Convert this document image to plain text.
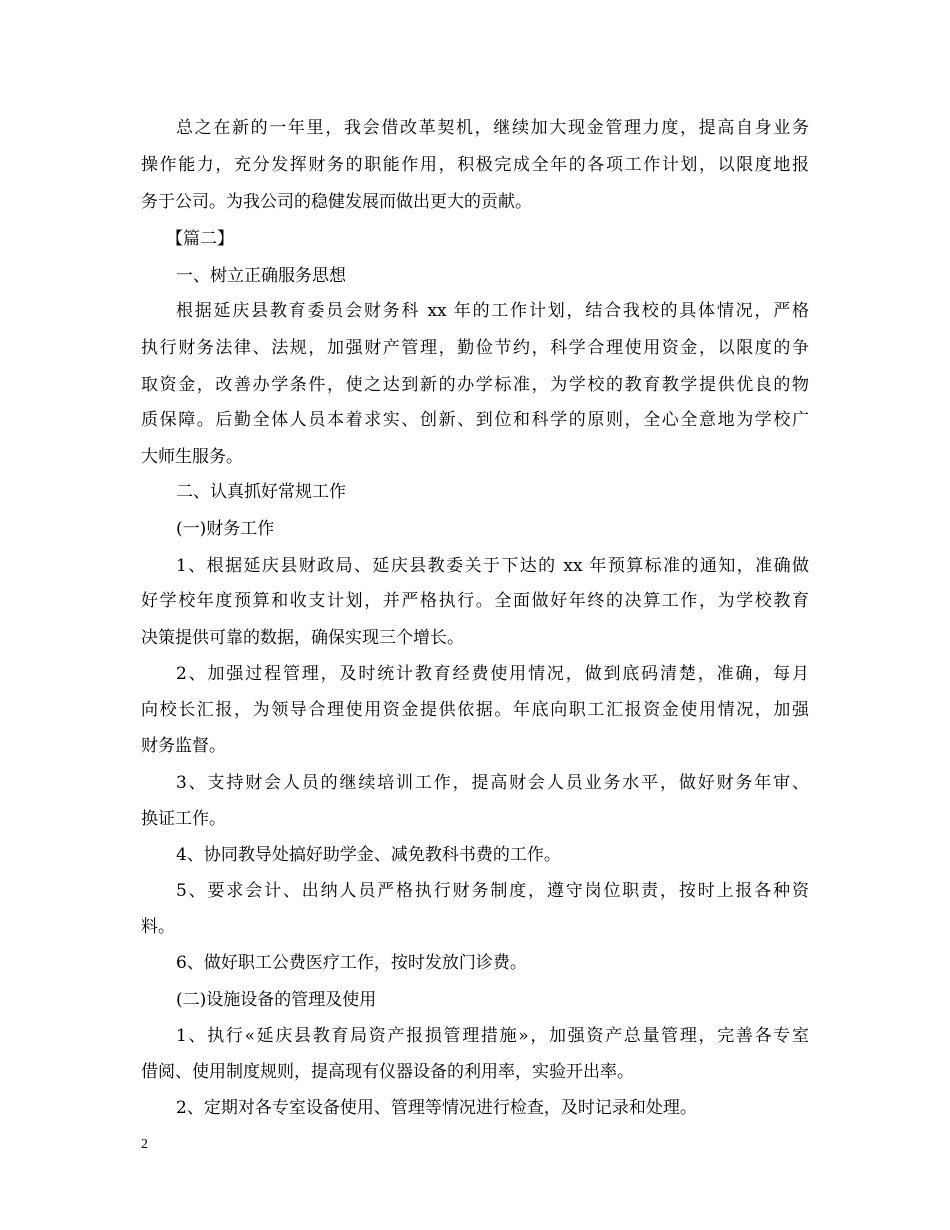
总之在新的一年里，我会借改革契机，继续加大现金管理力度，提高自身业务
操作能力，充分发挥财务的职能作用，积极完成全年的各项工作计划，以限度地报
务于公司。为我公司的稳健发展而做出更大的贡献。
【篇二】
一、树立正确服务思想
根据延庆县教育委员会财务科 xx 年的工作计划，结合我校的具体情况，严格
执行财务法律、法规，加强财产管理，勤俭节约，科学合理使用资金，以限度的争
取资金，改善办学条件，使之达到新的办学标准，为学校的教育教学提供优良的物
质保障。后勤全体人员本着求实、创新、到位和科学的原则，全心全意地为学校广
大师生服务。
二、认真抓好常规工作
(一)财务工作
1、根据延庆县财政局、延庆县教委关于下达的 xx 年预算标准的通知，准确做
好学校年度预算和收支计划，并严格执行。全面做好年终的决算工作，为学校教育
决策提供可靠的数据，确保实现三个增长。
2、加强过程管理，及时统计教育经费使用情况，做到底码清楚，准确，每月
向校长汇报，为领导合理使用资金提供依据。年底向职工汇报资金使用情况，加强
财务监督。
3、支持财会人员的继续培训工作，提高财会人员业务水平，做好财务年审、
换证工作。
4、协同教导处搞好助学金、减免教科书费的工作。
5、要求会计、出纳人员严格执行财务制度，遵守岗位职责，按时上报各种资
料。
6、做好职工公费医疗工作，按时发放门诊费。
(二)设施设备的管理及使用
1、执行«延庆县教育局资产报损管理措施»，加强资产总量管理，完善各专室
借阅、使用制度规则，提高现有仪器设备的利用率，实验开出率。
2、定期对各专室设备使用、管理等情况进行检查，及时记录和处理。
2
